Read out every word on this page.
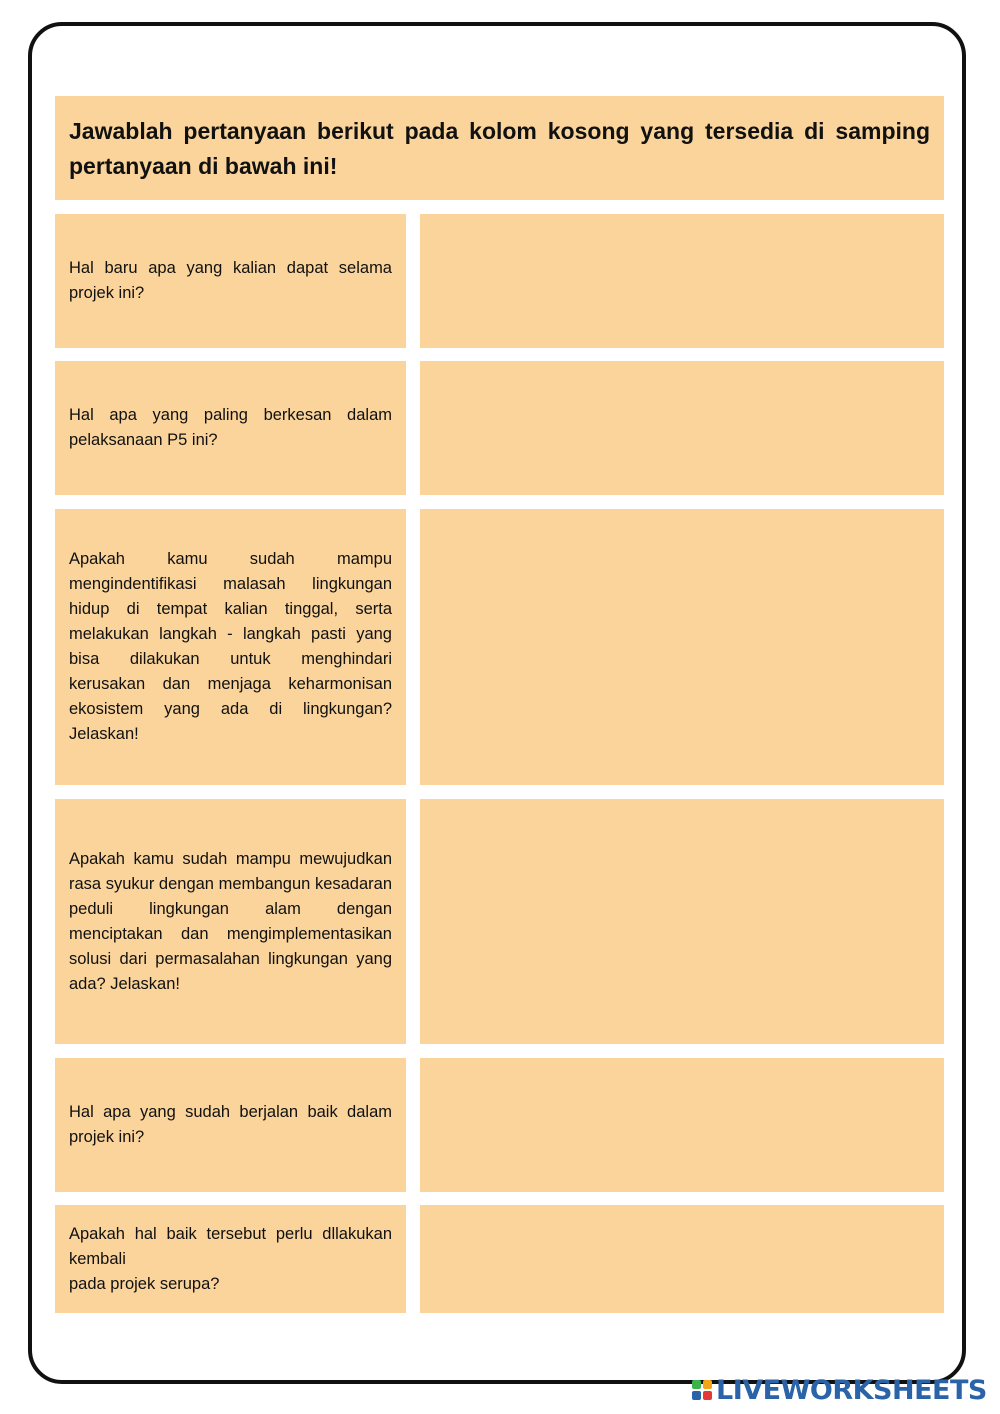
Jawablah pertanyaan berikut pada kolom kosong yang tersedia di samping pertanyaan di bawah ini!
Hal baru apa yang kalian dapat selama projek ini?
Hal apa yang paling berkesan dalam pelaksanaan P5 ini?
Apakah kamu sudah mampu mengindentifikasi malasah lingkungan hidup di tempat kalian tinggal, serta melakukan langkah - langkah pasti yang bisa dilakukan untuk menghindari kerusakan dan menjaga keharmonisan ekosistem yang ada di lingkungan? Jelaskan!
Apakah kamu sudah mampu mewujudkan rasa syukur dengan membangun kesadaran peduli lingkungan alam dengan menciptakan dan mengimplementasikan solusi dari permasalahan lingkungan yang ada? Jelaskan!
Hal apa yang sudah berjalan baik dalam projek ini?
Apakah hal baik tersebut perlu dllakukan kembali
pada projek serupa?
LIVEWORKSHEETS
